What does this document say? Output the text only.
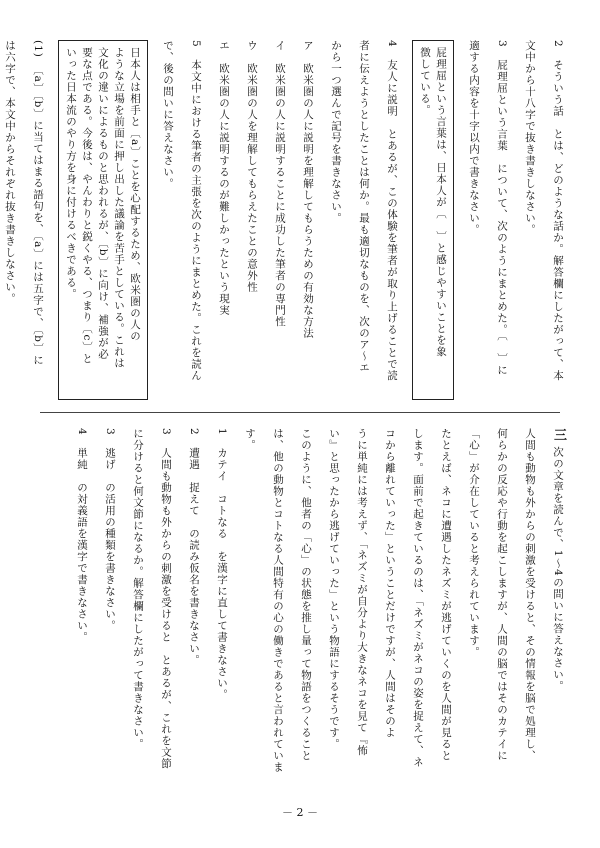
2　そういう話　とは、どのような話か。解答欄にしたがって、本
文中から十八字で抜き書きしなさい。
3　屁理屈という言葉　について、次のようにまとめた。〔　〕に
適する内容を十字以内で書きなさい。
屁理屈という言葉は、日本人が〔　〕と感じやすいことを象
徴している。
4　友人に説明　とあるが、この体験を筆者が取り上げることで読
者に伝えようとしたことは何か。最も適切なものを、次のア～エ
から一つ選んで記号を書きなさい。
ア　欧米圏の人に説明を理解してもらうための有効な方法
イ　欧米圏の人に説明することに成功した筆者の専門性
ウ　欧米圏の人を理解してもらえたことの意外性
エ　欧米圏の人に説明するのが難しかったという現実
5　本文中における筆者の主張を次のようにまとめた。これを読ん
で、後の問いに答えなさい。
日本人は相手と〔a〕ことを心配するため、欧米圏の人の
ような立場を前面に押し出した議論を苦手としている。これは
文化の違いによるものと思われるが、〔b〕に向け、補強が必
要な点である。今後は、やんわりと鋭くやる、つまり〔c〕と
いった日本流のやり方を身に付けるべきである。
(1)　〔a〕〔b〕に当てはまる語句を、〔a〕には五字で、〔b〕に
は六字で、本文中からそれぞれ抜き書きしなさい。
三 次の文章を読んで、1～4の問いに答えなさい。
人間も動物も外からの刺激を受けると、その情報を脳で処理し、
何らかの反応や行動を起こしますが、人間の脳ではそのカテイに
「心」が介在していると考えられています。
たとえば、ネコに遭遇したネズミが逃げていくのを人間が見ると
します。面前で起きているのは、「ネズミがネコの姿を捉えて、ネ
コから離れていった」ということだけですが、人間はそのよ
うに単純には考えず、「ネズミが自分より大きなネコを見て『怖
い』と思ったから逃げていった」という物語にするそうです。
このように、他者の「心」の状態を推し量って物語をつくること
は、他の動物とコトなる人間特有の心の働きであると言われていま
す。
1　カテイ　コトなる　を漢字に直して書きなさい。
2　遭遇　捉えて　の読み仮名を書きなさい。
3　人間も動物も外からの刺激を受けると　とあるが、これを文節
に分けると何文節になるか。解答欄にしたがって書きなさい。
3　逃げ　の活用の種類を書きなさい。
4　単純　の対義語を漢字で書きなさい。
－ 2 －
